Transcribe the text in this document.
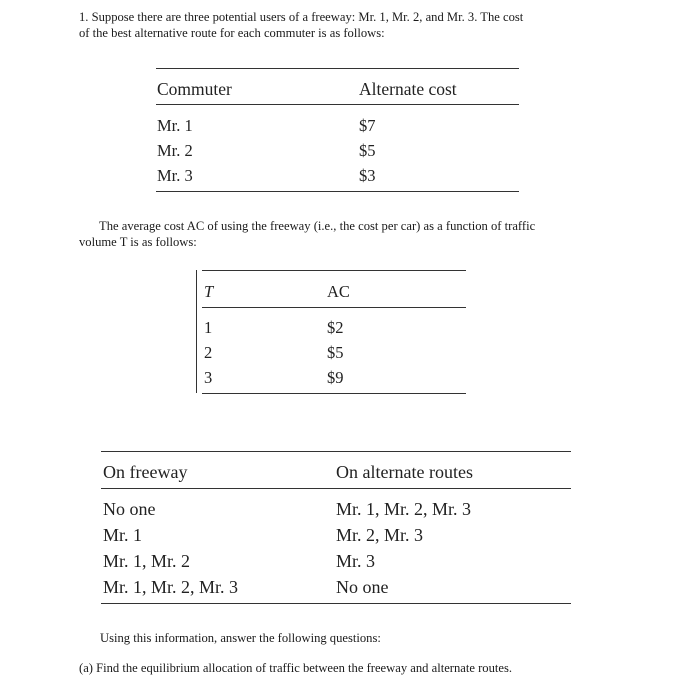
1. Suppose there are three potential users of a freeway: Mr. 1, Mr. 2, and Mr. 3. The cost
of the best alternative route for each commuter is as follows:
Commuter	Alternate cost
Mr. 1	$7
Mr. 2	$5
Mr. 3	$3
The average cost AC of using the freeway (i.e., the cost per car) as a function of traffic
volume T is as follows:
T	AC
1	$2
2	$5
3	$9
On freeway	On alternate routes
No one	Mr. 1, Mr. 2, Mr. 3
Mr. 1	Mr. 2, Mr. 3
Mr. 1, Mr. 2	Mr. 3
Mr. 1, Mr. 2, Mr. 3	No one
Using this information, answer the following questions:
(a) Find the equilibrium allocation of traffic between the freeway and alternate routes.
